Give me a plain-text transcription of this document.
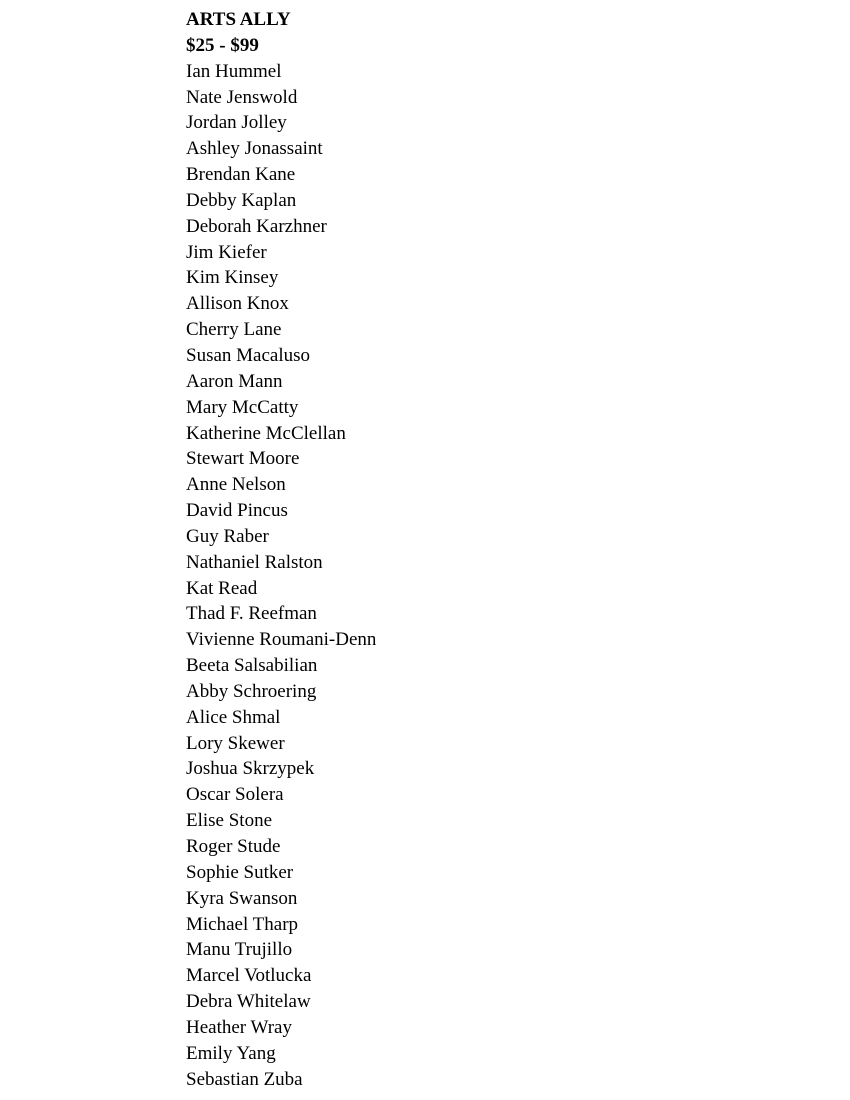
ARTS ALLY
$25 - $99
Ian Hummel
Nate Jenswold
Jordan Jolley
Ashley Jonassaint
Brendan Kane
Debby Kaplan
Deborah Karzhner
Jim Kiefer
Kim Kinsey
Allison Knox
Cherry Lane
Susan Macaluso
Aaron Mann
Mary McCatty
Katherine McClellan
Stewart Moore
Anne Nelson
David Pincus
Guy Raber
Nathaniel Ralston
Kat Read
Thad F. Reefman
Vivienne Roumani-Denn
Beeta Salsabilian
Abby Schroering
Alice Shmal
Lory Skewer
Joshua Skrzypek
Oscar Solera
Elise Stone
Roger Stude
Sophie Sutker
Kyra Swanson
Michael Tharp
Manu Trujillo
Marcel Votlucka
Debra Whitelaw
Heather Wray
Emily Yang
Sebastian Zuba
